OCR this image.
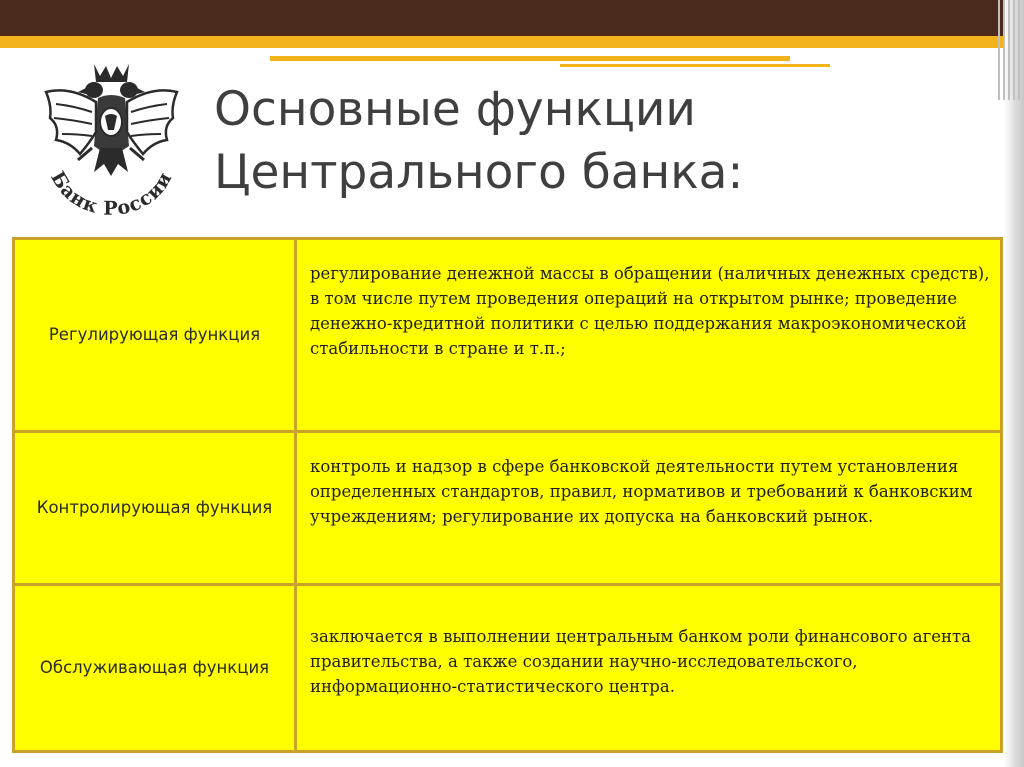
Банк России
Основные функции
Центрального банка:
Регулирующая функция
регулирование денежной массы в обращении (наличных денежных средств), в том числе путем проведения операций на открытом рынке; проведение денежно-кредитной политики с целью поддержания макроэкономической стабильности в стране и т.п.;
Контролирующая функция
контроль и надзор в сфере банковской деятельности путем установления определенных стандартов, правил, нормативов и требований к банковским учреждениям; регулирование их допуска на банковский рынок.
Обслуживающая функция
заключается в выполнении центральным банком роли финансового агента правительства, а также создании научно-исследовательского, информационно-статистического центра.
